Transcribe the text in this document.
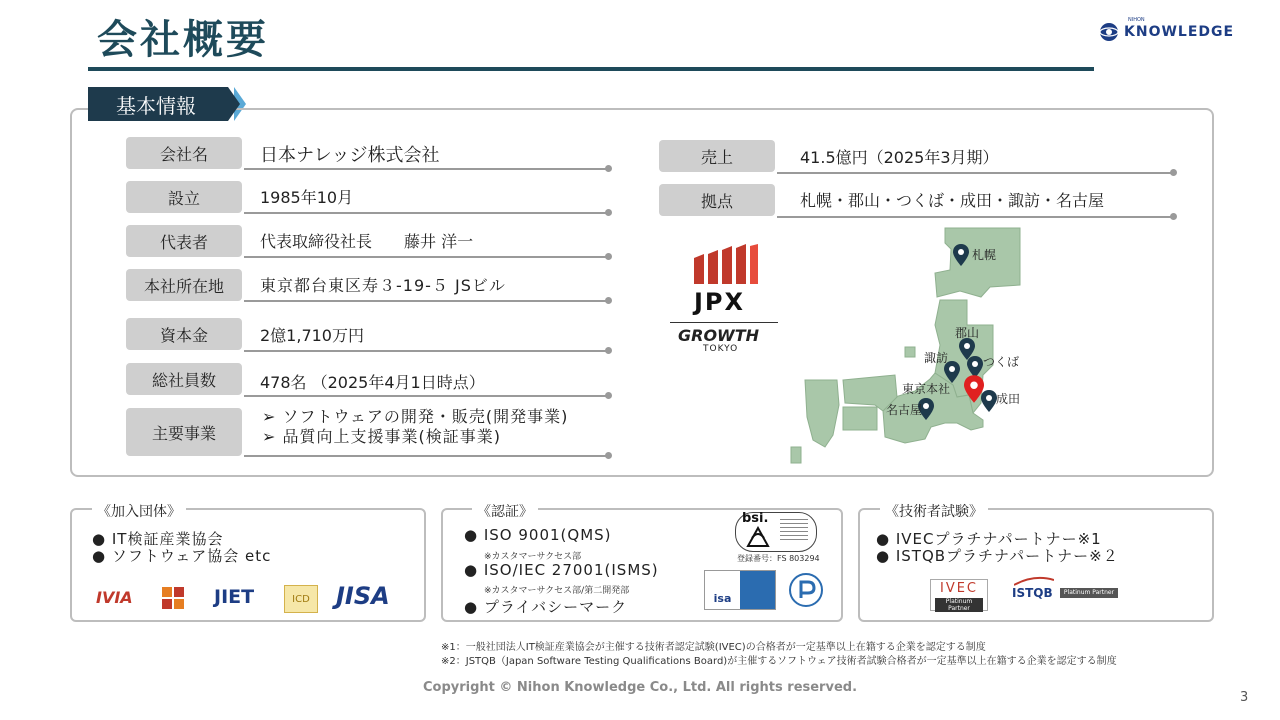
会社概要	NIHON
KNOWLEDGE
基本情報
会社名	日本ナレッジ株式会社
設立	1985年10月
代表者	代表取締役社長　　藤井 洋一
本社所在地	東京都台東区寿３-19-５ JSビル
資本金	2億1,710万円
総社員数	478名 （2025年4月1日時点）
主要事業
➢ ソフトウェアの開発・販売(開発事業)
➢ 品質向上支援事業(検証事業)
売上	41.5億円（2025年3月期）
拠点	札幌・郡山・つくば・成田・諏訪・名古屋
JPX
GROWTH
TOKYO
札幌
郡山
つくば
諏訪
東京本社
成田
名古屋
《加入団体》
● IT検証産業協会
● ソフトウェア協会 etc
IVIA	JIET	ICD	JISA
《認証》
● ISO 9001(QMS)
※カスタマーサクセス部
● ISO/IEC 27001(ISMS)
※カスタマーサクセス部/第二開発部
● プライバシーマーク
bsi.
登録番号：FS 803294
isa
《技術者試験》
● IVECプラチナパートナー※1
● ISTQBプラチナパートナー※２
IVEC
Platinum Partner
ISTQB	Platinum Partner
※1：一般社団法人IT検証産業協会が主催する技術者認定試験(IVEC)の合格者が一定基準以上在籍する企業を認定する制度
※2：JSTQB（Japan Software Testing Qualifications Board)が主催するソフトウェア技術者試験合格者が一定基準以上在籍する企業を認定する制度
Copyright © Nihon Knowledge Co., Ltd. All rights reserved.
3
